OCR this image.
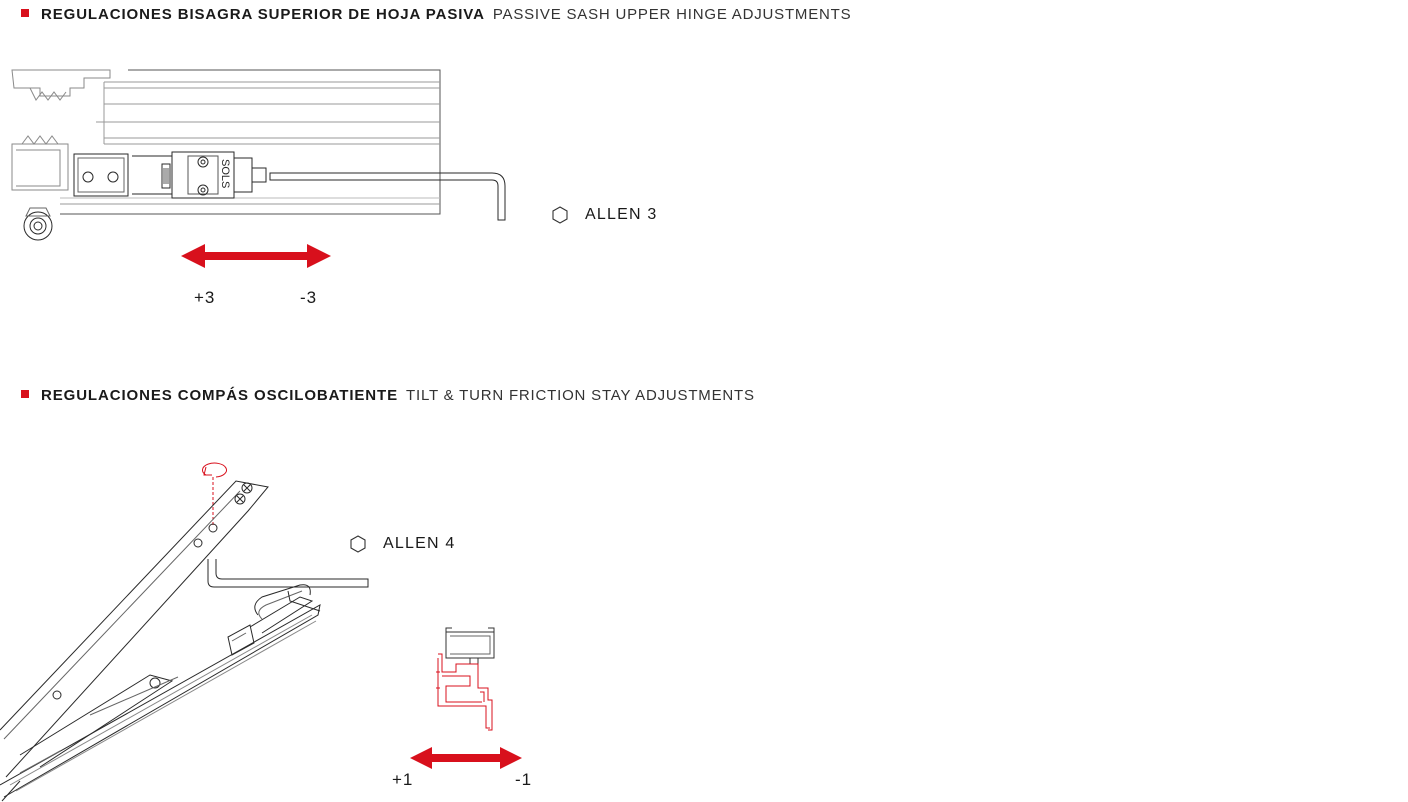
REGULACIONES BISAGRA SUPERIOR DE HOJA PASIVA PASSIVE SASH UPPER HINGE ADJUSTMENTS
SOLS
ALLEN 3
+3	-3
REGULACIONES COMPÁS OSCILOBATIENTE TILT & TURN FRICTION STAY ADJUSTMENTS
ALLEN 4
+1	-1
